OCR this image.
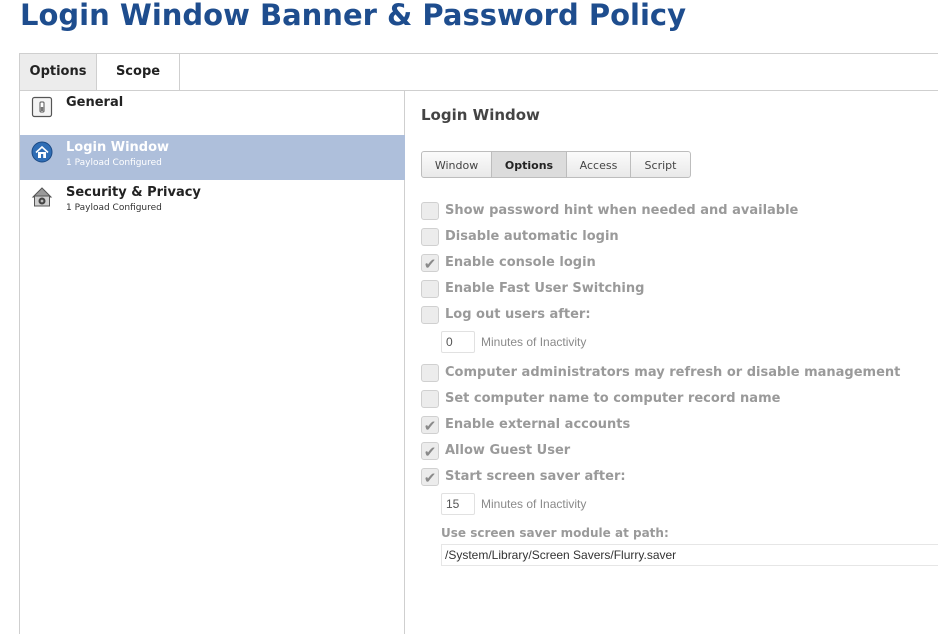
Login Window Banner & Password Policy
Options	Scope
General
Login Window
1 Payload Configured
Security & Privacy
1 Payload Configured
Login Window
Window	Options	Access	Script
Show password hint when needed and available
Disable automatic login
✔ Enable console login
Enable Fast User Switching
Log out users after:
0	Minutes of Inactivity
Computer administrators may refresh or disable management
Set computer name to computer record name
✔ Enable external accounts
✔ Allow Guest User
✔ Start screen saver after:
15	Minutes of Inactivity
Use screen saver module at path:
/System/Library/Screen Savers/Flurry.saver
